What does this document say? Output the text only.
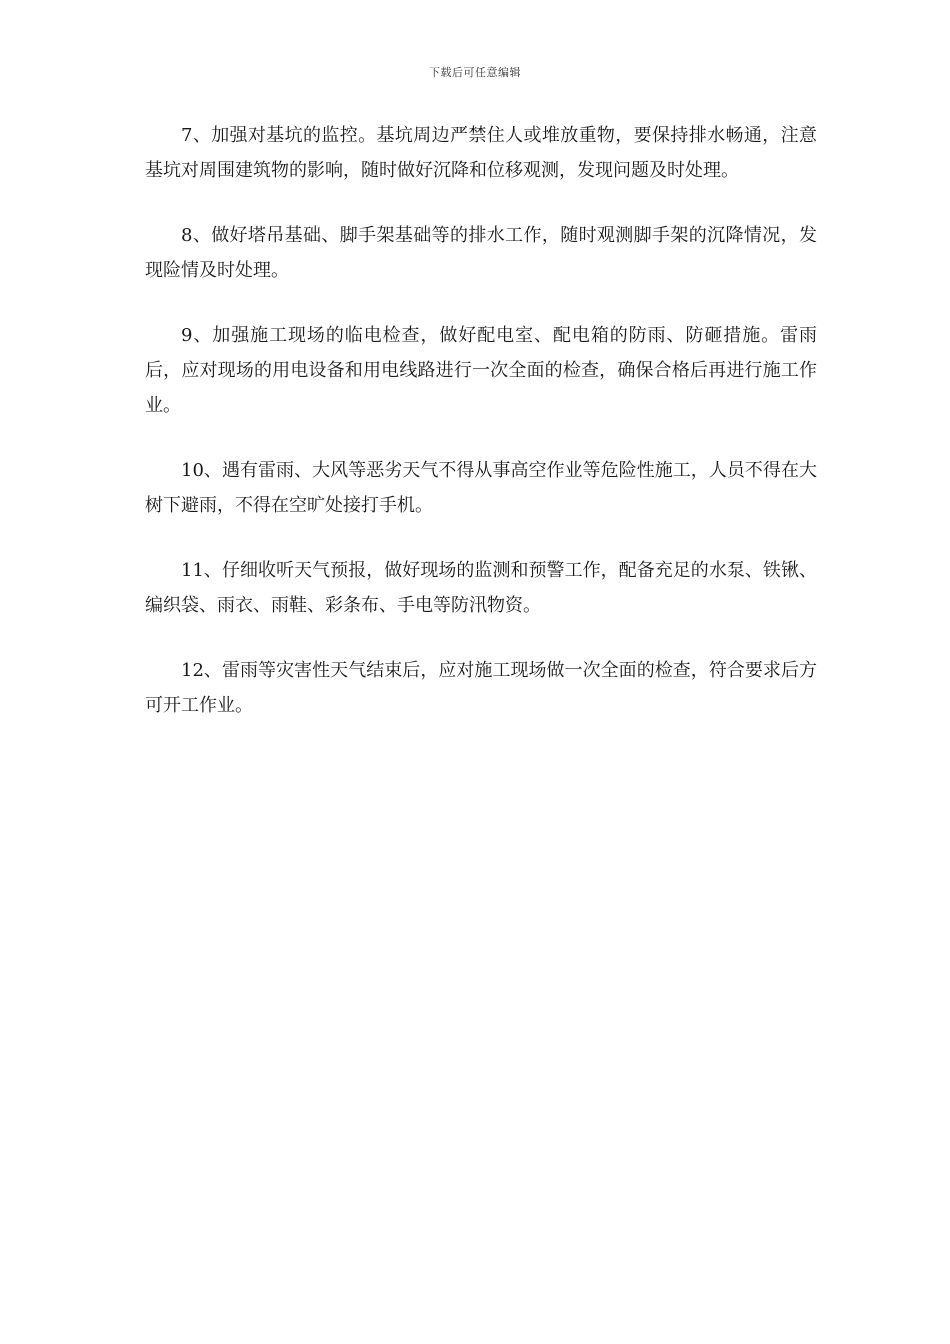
下载后可任意编辑

7、加强对基坑的监控。基坑周边严禁住人或堆放重物，要保持排水畅通，注意基坑对周围建筑物的影响，随时做好沉降和位移观测，发现问题及时处理。

8、做好塔吊基础、脚手架基础等的排水工作，随时观测脚手架的沉降情况，发现险情及时处理。

9、加强施工现场的临电检查，做好配电室、配电箱的防雨、防砸措施。雷雨后，应对现场的用电设备和用电线路进行一次全面的检查，确保合格后再进行施工作业。

10、遇有雷雨、大风等恶劣天气不得从事高空作业等危险性施工，人员不得在大树下避雨，不得在空旷处接打手机。

11、仔细收听天气预报，做好现场的监测和预警工作，配备充足的水泵、铁锹、编织袋、雨衣、雨鞋、彩条布、手电等防汛物资。

12、雷雨等灾害性天气结束后，应对施工现场做一次全面的检查，符合要求后方可开工作业。
